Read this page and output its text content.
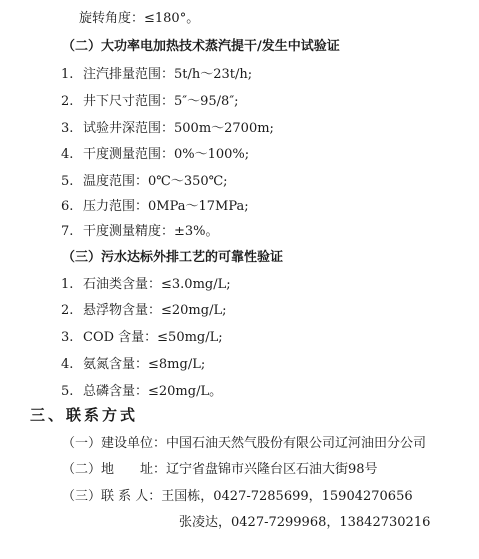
旋转角度：≤180°。
（二）大功率电加热技术蒸汽提干/发生中试验证
1. 注汽排量范围：5t/h～23t/h;
2. 井下尺寸范围：5″～95/8″;
3. 试验井深范围：500m～2700m;
4. 干度测量范围：0%～100%;
5. 温度范围：0℃～350℃;
6. 压力范围：0MPa～17MPa;
7. 干度测量精度：±3%。
（三）污水达标外排工艺的可靠性验证
1. 石油类含量：≤3.0mg/L;
2. 悬浮物含量：≤20mg/L;
3. COD 含量：≤50mg/L;
4. 氨氮含量：≤8mg/L;
5. 总磷含量：≤20mg/L。
三、联系方式
（一）建设单位：中国石油天然气股份有限公司辽河油田分公司
（二）地　　址：辽宁省盘锦市兴隆台区石油大街98号
（三）联 系 人：王国栋，0427-7285699，15904270656
张凌达，0427-7299968，13842730216
